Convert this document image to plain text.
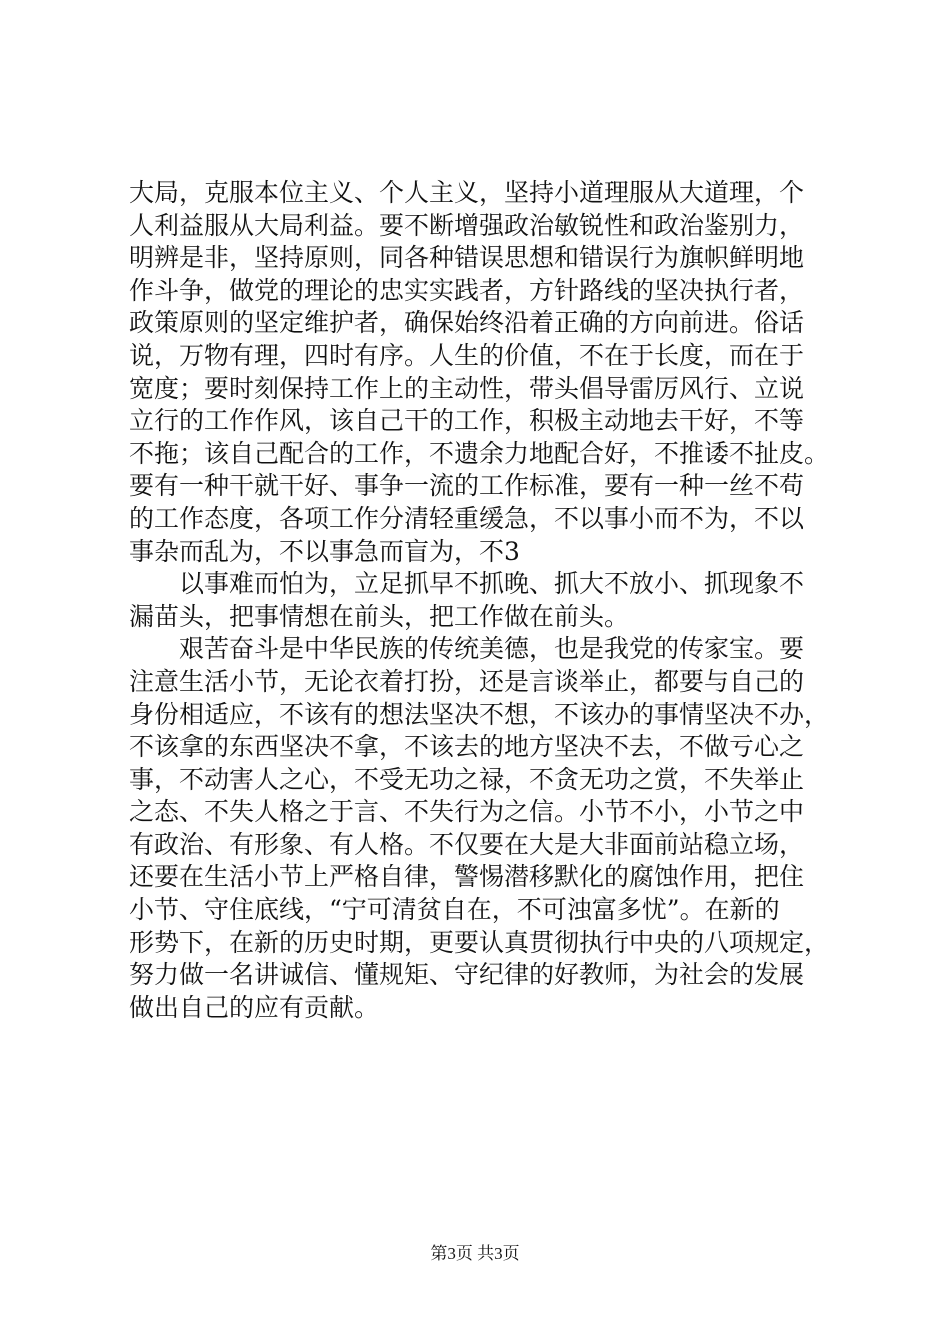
大局，克服本位主义、个人主义，坚持小道理服从大道理，个
人利益服从大局利益。要不断增强政治敏锐性和政治鉴别力，
明辨是非，坚持原则，同各种错误思想和错误行为旗帜鲜明地
作斗争，做党的理论的忠实实践者，方针路线的坚决执行者，
政策原则的坚定维护者，确保始终沿着正确的方向前进。俗话
说，万物有理，四时有序。人生的价值，不在于长度，而在于
宽度；要时刻保持工作上的主动性，带头倡导雷厉风行、立说
立行的工作作风，该自己干的工作，积极主动地去干好，不等
不拖；该自己配合的工作，不遗余力地配合好，不推诿不扯皮。
要有一种干就干好、事争一流的工作标准，要有一种一丝不苟
的工作态度，各项工作分清轻重缓急，不以事小而不为，不以
事杂而乱为，不以事急而盲为，不3
以事难而怕为，立足抓早不抓晚、抓大不放小、抓现象不
漏苗头，把事情想在前头，把工作做在前头。
艰苦奋斗是中华民族的传统美德，也是我党的传家宝。要
注意生活小节，无论衣着打扮，还是言谈举止，都要与自己的
身份相适应，不该有的想法坚决不想，不该办的事情坚决不办，
不该拿的东西坚决不拿，不该去的地方坚决不去，不做亏心之
事，不动害人之心，不受无功之禄，不贪无功之赏，不失举止
之态、不失人格之于言、不失行为之信。小节不小，小节之中
有政治、有形象、有人格。不仅要在大是大非面前站稳立场，
还要在生活小节上严格自律，警惕潜移默化的腐蚀作用，把住
小节、守住底线，“宁可清贫自在，不可浊富多忧”。在新的
形势下，在新的历史时期，更要认真贯彻执行中央的八项规定，
努力做一名讲诚信、懂规矩、守纪律的好教师，为社会的发展
做出自己的应有贡献。
第3页 共3页
